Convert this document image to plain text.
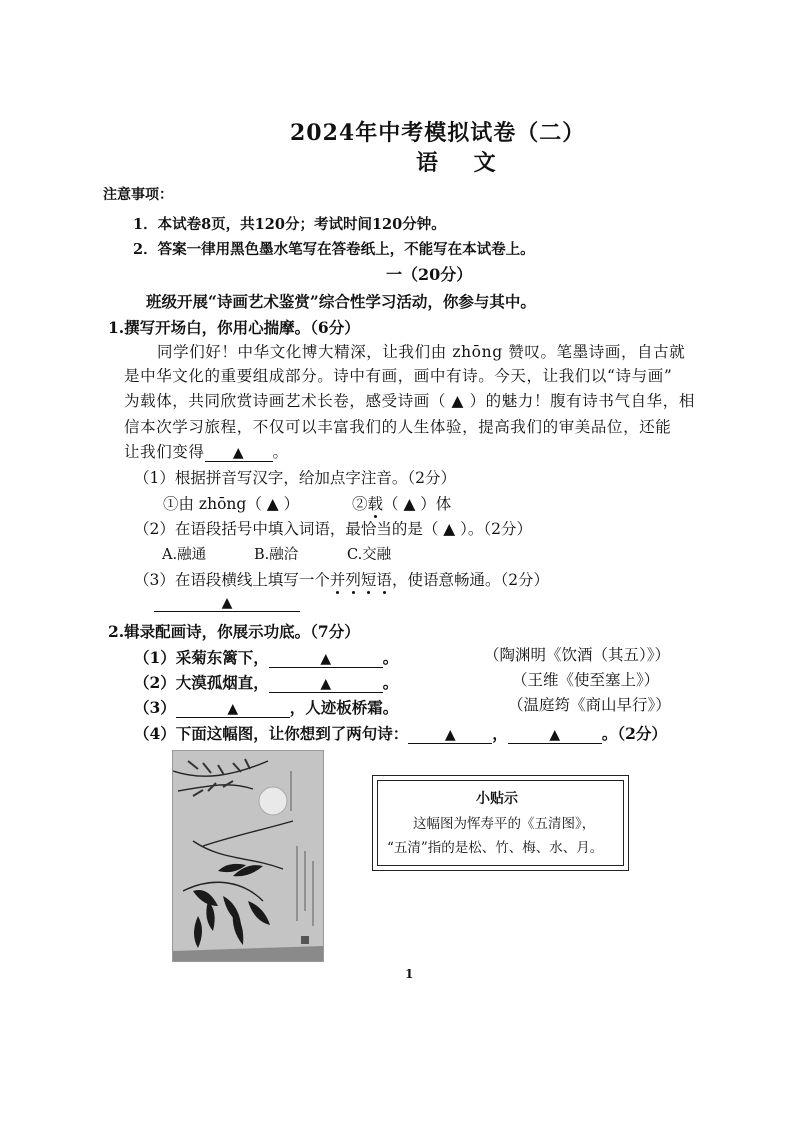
2024年中考模拟试卷（二）
语 文
注意事项：
1．本试卷8页，共120分；考试时间120分钟。
2．答案一律用黑色墨水笔写在答卷纸上，不能写在本试卷上。
一（20分）
班级开展“诗画艺术鉴赏”综合性学习活动，你参与其中。
1.撰写开场白，你用心揣摩。（6分）
同学们好！中华文化博大精深，让我们由 zhōng 赞叹。笔墨诗画，自古就
是中华文化的重要组成部分。诗中有画，画中有诗。今天，让我们以“诗与画”
为载体，共同欣赏诗画艺术长卷，感受诗画（ ▲ ）的魅力！腹有诗书气自华，相
信本次学习旅程，不仅可以丰富我们的人生体验，提高我们的审美品位，还能
让我们变得 ▲ 。
（1）根据拼音写汉字，给加点字注音。（2分）
①由 zhōng（ ▲ ）	②载（ ▲ ）体
（2）在语段括号中填入词语，最恰当的是（ ▲ ）。（2分）
A.融通	B.融洽	C.交融
（3）在语段横线上填写一个并列短语，使语意畅通。（2分）
▲
2.辑录配画诗，你展示功底。（7分）
（1）采菊东篱下，	▲	。	（陶渊明《饮酒（其五）》）
（2）大漠孤烟直，	▲	。	（王维《使至塞上》）
（3）	▲	，人迹板桥霜。	（温庭筠《商山早行》）
（4）下面这幅图，让你想到了两句诗：	▲ ，	▲	。（2分）
小贴示
这幅图为恽寿平的《五清图》，
“五清”指的是松、竹、梅、水、月。
1
